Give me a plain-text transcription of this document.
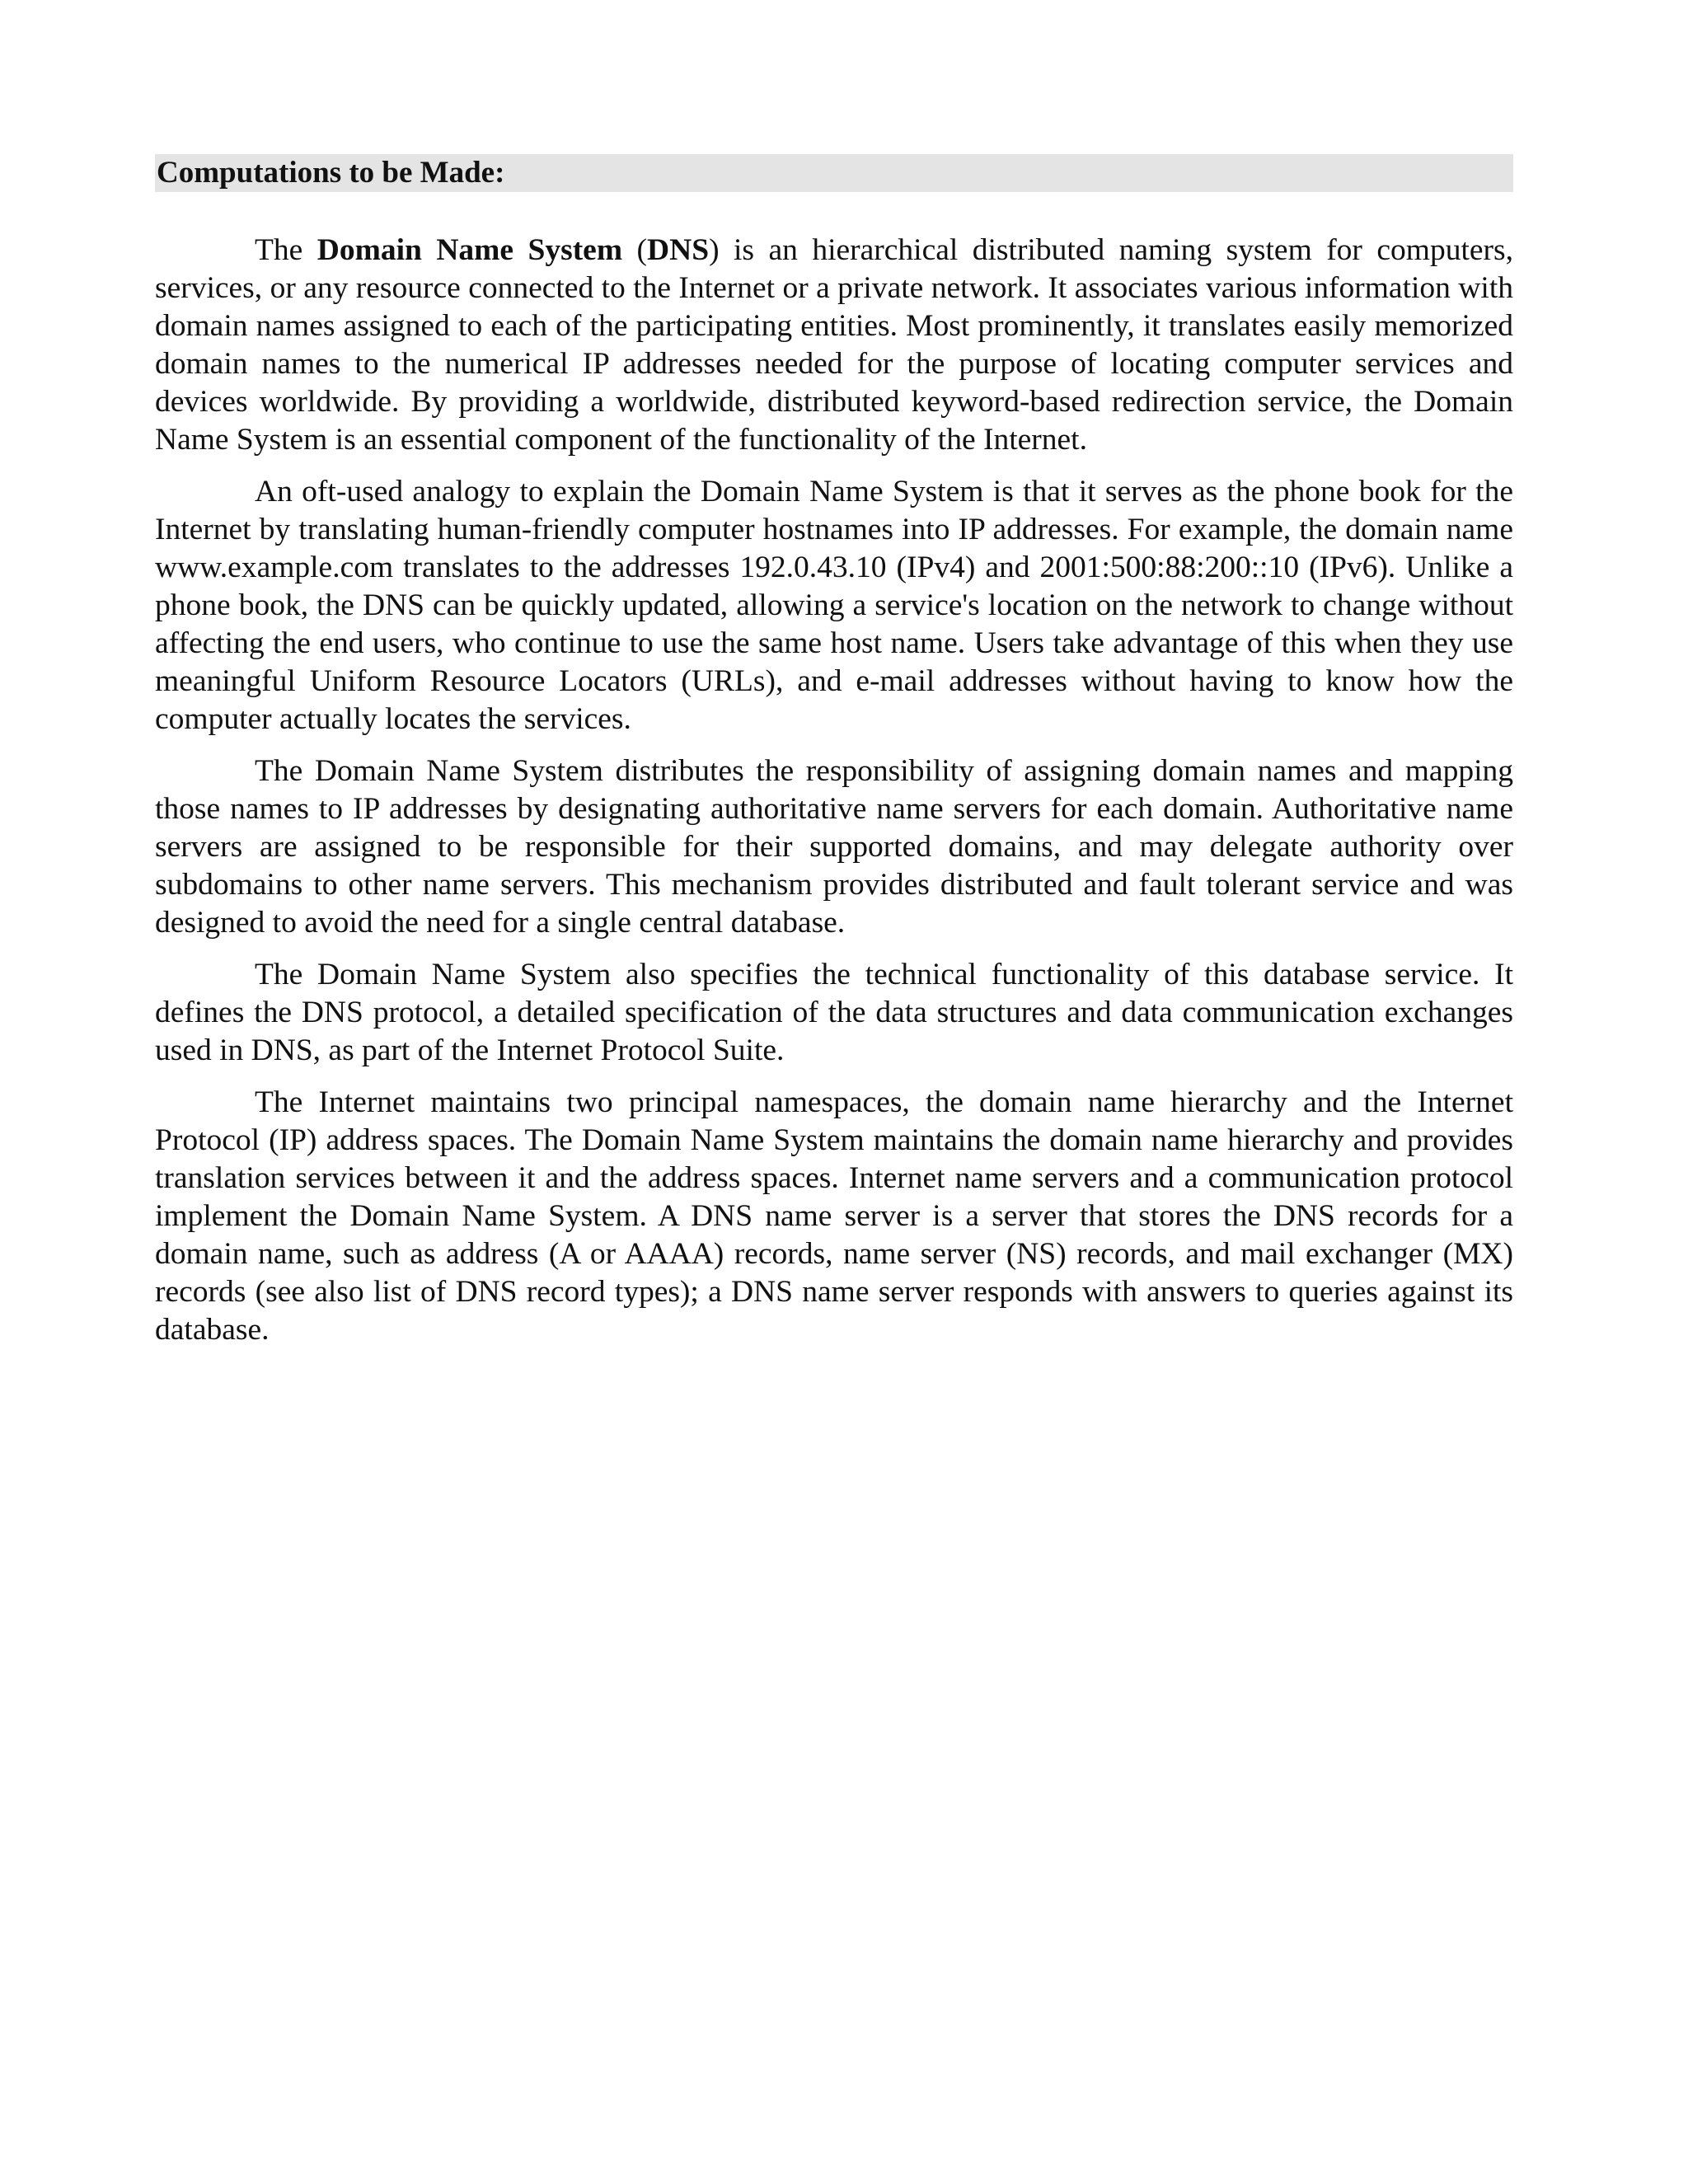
Computations to be Made:

The Domain Name System (DNS) is an hierarchical distributed naming system for computers, services, or any resource connected to the Internet or a private network. It associates various information with domain names assigned to each of the participating entities. Most prominently, it translates easily memorized domain names to the numerical IP addresses needed for the purpose of locating computer services and devices worldwide. By providing a worldwide, distributed keyword-based redirection service, the Domain Name System is an essential component of the functionality of the Internet.

An oft-used analogy to explain the Domain Name System is that it serves as the phone book for the Internet by translating human-friendly computer hostnames into IP addresses. For example, the domain name www.example.com translates to the addresses 192.0.43.10 (IPv4) and 2001:500:88:200::10 (IPv6). Unlike a phone book, the DNS can be quickly updated, allowing a service's location on the network to change without affecting the end users, who continue to use the same host name. Users take advantage of this when they use meaningful Uniform Resource Locators (URLs), and e-mail addresses without having to know how the computer actually locates the services.

The Domain Name System distributes the responsibility of assigning domain names and mapping those names to IP addresses by designating authoritative name servers for each domain. Authoritative name servers are assigned to be responsible for their supported domains, and may delegate authority over subdomains to other name servers. This mechanism provides distributed and fault tolerant service and was designed to avoid the need for a single central database.

The Domain Name System also specifies the technical functionality of this database service. It defines the DNS protocol, a detailed specification of the data structures and data communication exchanges used in DNS, as part of the Internet Protocol Suite.

The Internet maintains two principal namespaces, the domain name hierarchy and the Internet Protocol (IP) address spaces. The Domain Name System maintains the domain name hierarchy and provides translation services between it and the address spaces. Internet name servers and a communication protocol implement the Domain Name System. A DNS name server is a server that stores the DNS records for a domain name, such as address (A or AAAA) records, name server (NS) records, and mail exchanger (MX) records (see also list of DNS record types); a DNS name server responds with answers to queries against its database.
